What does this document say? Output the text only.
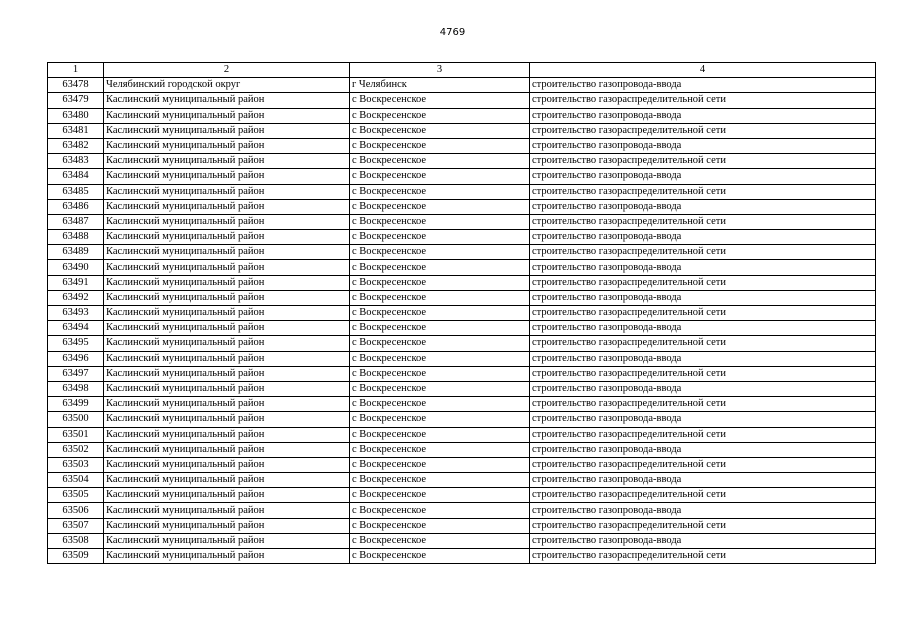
4769
1	2	3	4
63478	Челябинский городской округ	г Челябинск	строительство газопровода-ввода
63479	Каслинский муниципальный район	с Воскресенское	строительство газораспределительной сети
63480	Каслинский муниципальный район	с Воскресенское	строительство газопровода-ввода
63481	Каслинский муниципальный район	с Воскресенское	строительство газораспределительной сети
63482	Каслинский муниципальный район	с Воскресенское	строительство газопровода-ввода
63483	Каслинский муниципальный район	с Воскресенское	строительство газораспределительной сети
63484	Каслинский муниципальный район	с Воскресенское	строительство газопровода-ввода
63485	Каслинский муниципальный район	с Воскресенское	строительство газораспределительной сети
63486	Каслинский муниципальный район	с Воскресенское	строительство газопровода-ввода
63487	Каслинский муниципальный район	с Воскресенское	строительство газораспределительной сети
63488	Каслинский муниципальный район	с Воскресенское	строительство газопровода-ввода
63489	Каслинский муниципальный район	с Воскресенское	строительство газораспределительной сети
63490	Каслинский муниципальный район	с Воскресенское	строительство газопровода-ввода
63491	Каслинский муниципальный район	с Воскресенское	строительство газораспределительной сети
63492	Каслинский муниципальный район	с Воскресенское	строительство газопровода-ввода
63493	Каслинский муниципальный район	с Воскресенское	строительство газораспределительной сети
63494	Каслинский муниципальный район	с Воскресенское	строительство газопровода-ввода
63495	Каслинский муниципальный район	с Воскресенское	строительство газораспределительной сети
63496	Каслинский муниципальный район	с Воскресенское	строительство газопровода-ввода
63497	Каслинский муниципальный район	с Воскресенское	строительство газораспределительной сети
63498	Каслинский муниципальный район	с Воскресенское	строительство газопровода-ввода
63499	Каслинский муниципальный район	с Воскресенское	строительство газораспределительной сети
63500	Каслинский муниципальный район	с Воскресенское	строительство газопровода-ввода
63501	Каслинский муниципальный район	с Воскресенское	строительство газораспределительной сети
63502	Каслинский муниципальный район	с Воскресенское	строительство газопровода-ввода
63503	Каслинский муниципальный район	с Воскресенское	строительство газораспределительной сети
63504	Каслинский муниципальный район	с Воскресенское	строительство газопровода-ввода
63505	Каслинский муниципальный район	с Воскресенское	строительство газораспределительной сети
63506	Каслинский муниципальный район	с Воскресенское	строительство газопровода-ввода
63507	Каслинский муниципальный район	с Воскресенское	строительство газораспределительной сети
63508	Каслинский муниципальный район	с Воскресенское	строительство газопровода-ввода
63509	Каслинский муниципальный район	с Воскресенское	строительство газораспределительной сети
